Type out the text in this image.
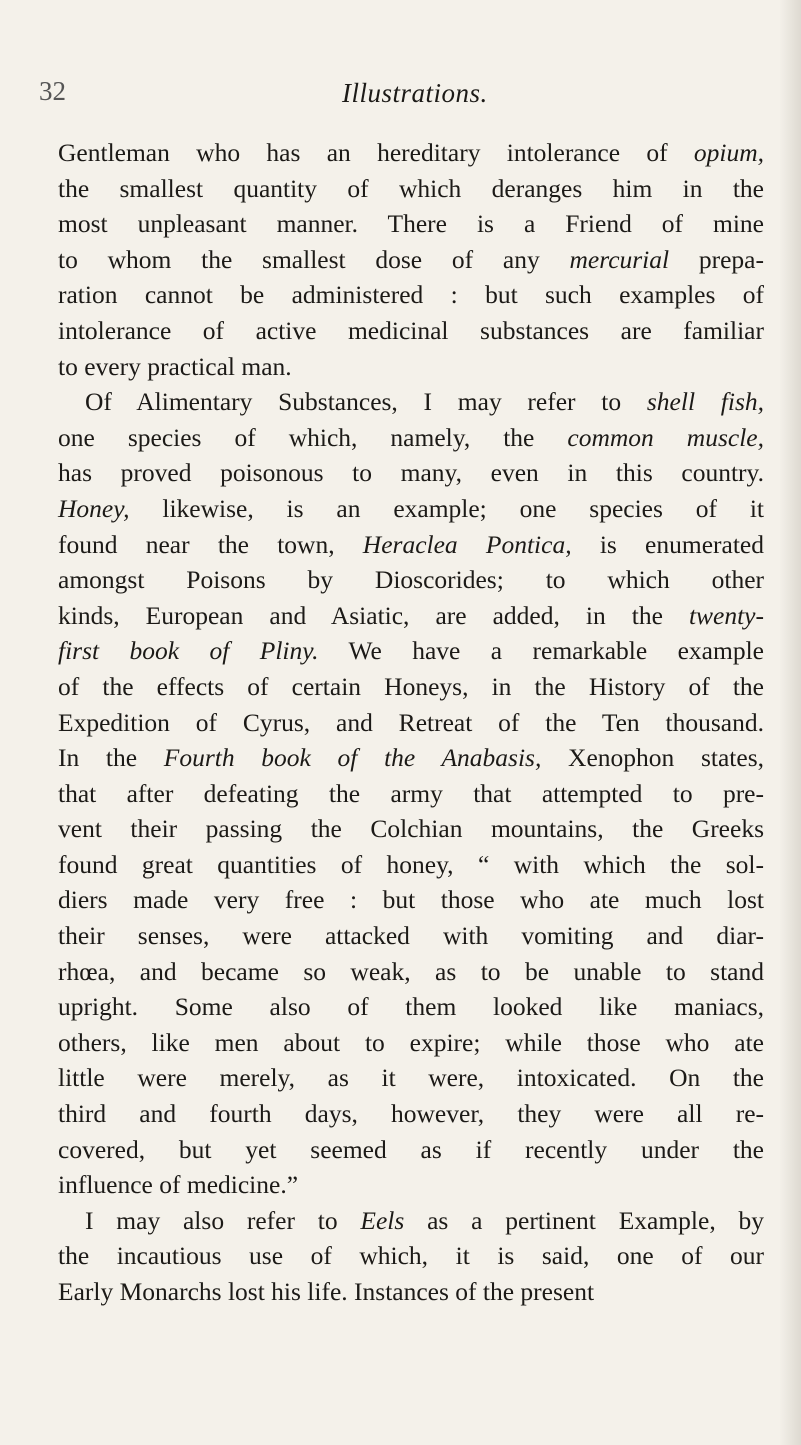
32	Illustrations.
Gentleman who has an hereditary intolerance of opium,
the smallest quantity of which deranges him in the
most unpleasant manner. There is a Friend of mine
to whom the smallest dose of any mercurial prepa-
ration cannot be administered : but such examples of
intolerance of active medicinal substances are familiar
to every practical man.
Of Alimentary Substances, I may refer to shell fish,
one species of which, namely, the common muscle,
has proved poisonous to many, even in this country.
Honey, likewise, is an example; one species of it
found near the town, Heraclea Pontica, is enumerated
amongst Poisons by Dioscorides; to which other
kinds, European and Asiatic, are added, in the twenty-
first book of Pliny. We have a remarkable example
of the effects of certain Honeys, in the History of the
Expedition of Cyrus, and Retreat of the Ten thousand.
In the Fourth book of the Anabasis, Xenophon states,
that after defeating the army that attempted to pre-
vent their passing the Colchian mountains, the Greeks
found great quantities of honey, “ with which the sol-
diers made very free : but those who ate much lost
their senses, were attacked with vomiting and diar-
rhœa, and became so weak, as to be unable to stand
upright. Some also of them looked like maniacs,
others, like men about to expire; while those who ate
little were merely, as it were, intoxicated. On the
third and fourth days, however, they were all re-
covered, but yet seemed as if recently under the
influence of medicine.”
I may also refer to Eels as a pertinent Example, by
the incautious use of which, it is said, one of our
Early Monarchs lost his life. Instances of the present
